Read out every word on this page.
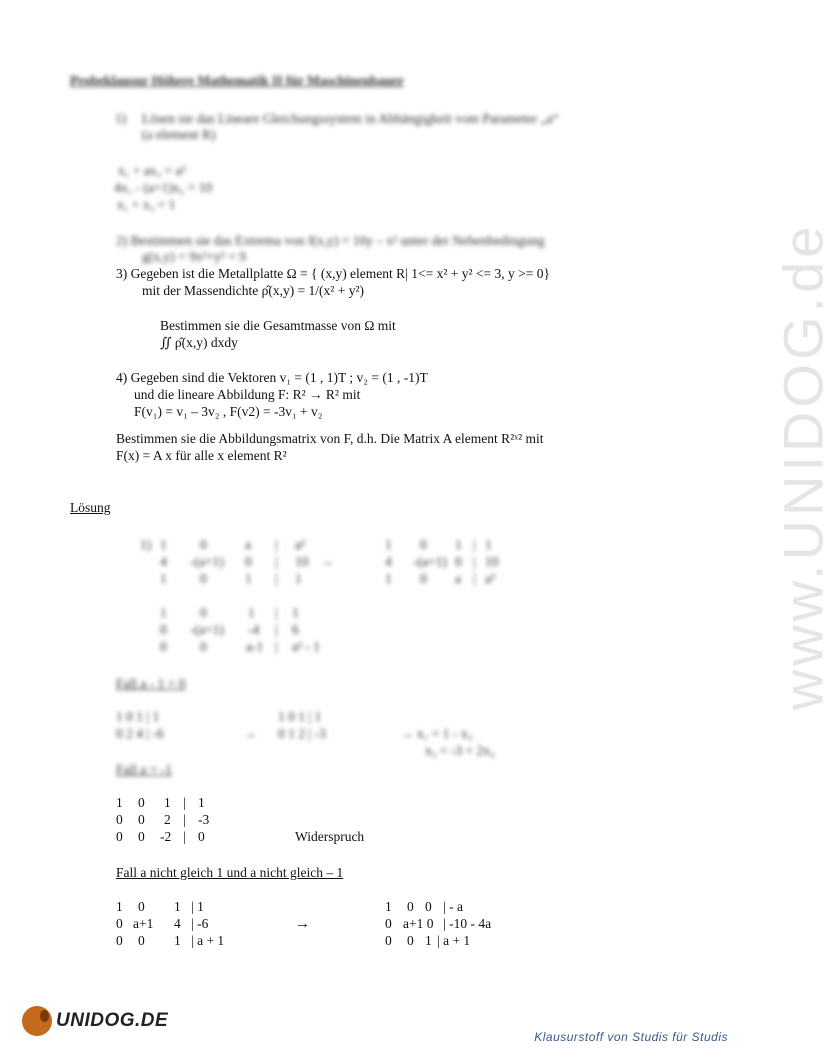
www.UNIDOG.de
Probeklausur Höhere Mathematik II für Maschinenbauer
1) Lösen sie das Lineare Gleichungssystem in Abhängigkeit vom Parameter „a“
(a element R)
x₁ + ax₃ = a²
4x₁ - (a+1)x₂ = 10
x₁ + x₃ = 1
2) Bestimmen sie das Extrema von f(x,y) = 10y – x² unter der Nebenbedingung
g(x,y) = 9x²+y² = 9
3) Gegeben ist die Metallplatte Ω = { (x,y) element R| 1<= x² + y² <= 3, y >= 0}
mit der Massendichte ρ̂(x,y) = 1/(x² + y²)
Bestimmen sie die Gesamtmasse von Ω mit
∬ ρ̂(x,y) dxdy
4) Gegeben sind die Vektoren v₁ = (1 , 1)T ; v₂ = (1 , -1)T
und die lineare Abbildung F: R² → R² mit
F(v₁) = v₁ – 3v₂ , F(v2) = -3v₁ + v₂
Bestimmen sie die Abbildungsmatrix von F, d.h. Die Matrix A element R²ˣ² mit
F(x) = A x für alle x element R²
Lösung
1) 1 0	a | a²
4 -(a+1) 0 | 10
1 0	1 | 1
→
1 0 1 | 1
4 -(a+1) 0 | 10
1 0 a | a²
1 0	1 | 1
0 -(a+1) -4 | 6
0 0	a-1 | a² - 1
Fall a - 1 = 0
1 0 1 | 1
0 2 4 | -6	→
1 0 1 | 1
0 1 2 | -3	→ x₁ = 1 - x₃
x₂ = -3 + 2x₃
Fall a = -1
1 0 1 | 1
0 0 2 | -3
0 0 -2 | 0	Widerspruch
Fall a nicht gleich 1 und a nicht gleich – 1
1 0 1 | 1
0 a+1 4 | -6
0 0 1 | a + 1
→
1 0 0 | - a
0 a+1 0 | -10 - 4a
0 0 1 | a + 1
UNIDOG.DE
Klausurstoff von Studis für Studis
